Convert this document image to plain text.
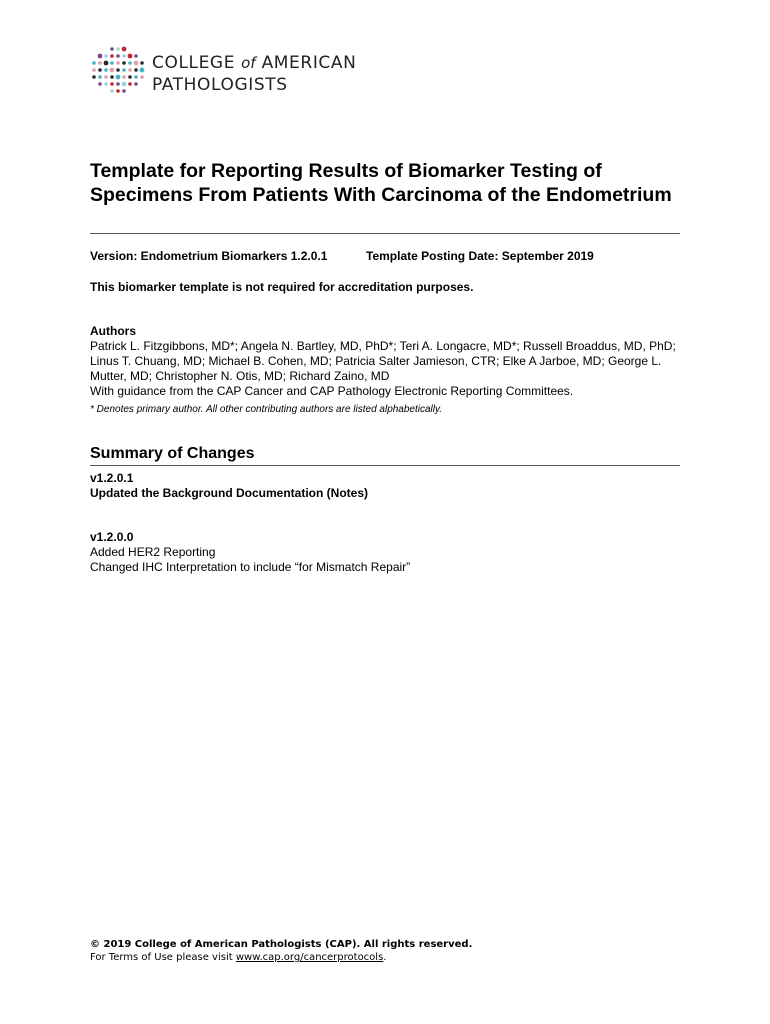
COLLEGE of AMERICAN
PATHOLOGISTS
Template for Reporting Results of Biomarker Testing of Specimens From Patients With Carcinoma of the Endometrium
Version: Endometrium Biomarkers 1.2.0.1	Template Posting Date: September 2019
This biomarker template is not required for accreditation purposes.
Authors
Patrick L. Fitzgibbons, MD*; Angela N. Bartley, MD, PhD*; Teri A. Longacre, MD*; Russell Broaddus, MD, PhD; Linus T. Chuang, MD; Michael B. Cohen, MD; Patricia Salter Jamieson, CTR; Elke A Jarboe, MD; George L. Mutter, MD; Christopher N. Otis, MD; Richard Zaino, MD
With guidance from the CAP Cancer and CAP Pathology Electronic Reporting Committees.
* Denotes primary author. All other contributing authors are listed alphabetically.
Summary of Changes
v1.2.0.1
Updated the Background Documentation (Notes)
v1.2.0.0
Added HER2 Reporting
Changed IHC Interpretation to include “for Mismatch Repair”
© 2019 College of American Pathologists (CAP). All rights reserved.
For Terms of Use please visit www.cap.org/cancerprotocols.
